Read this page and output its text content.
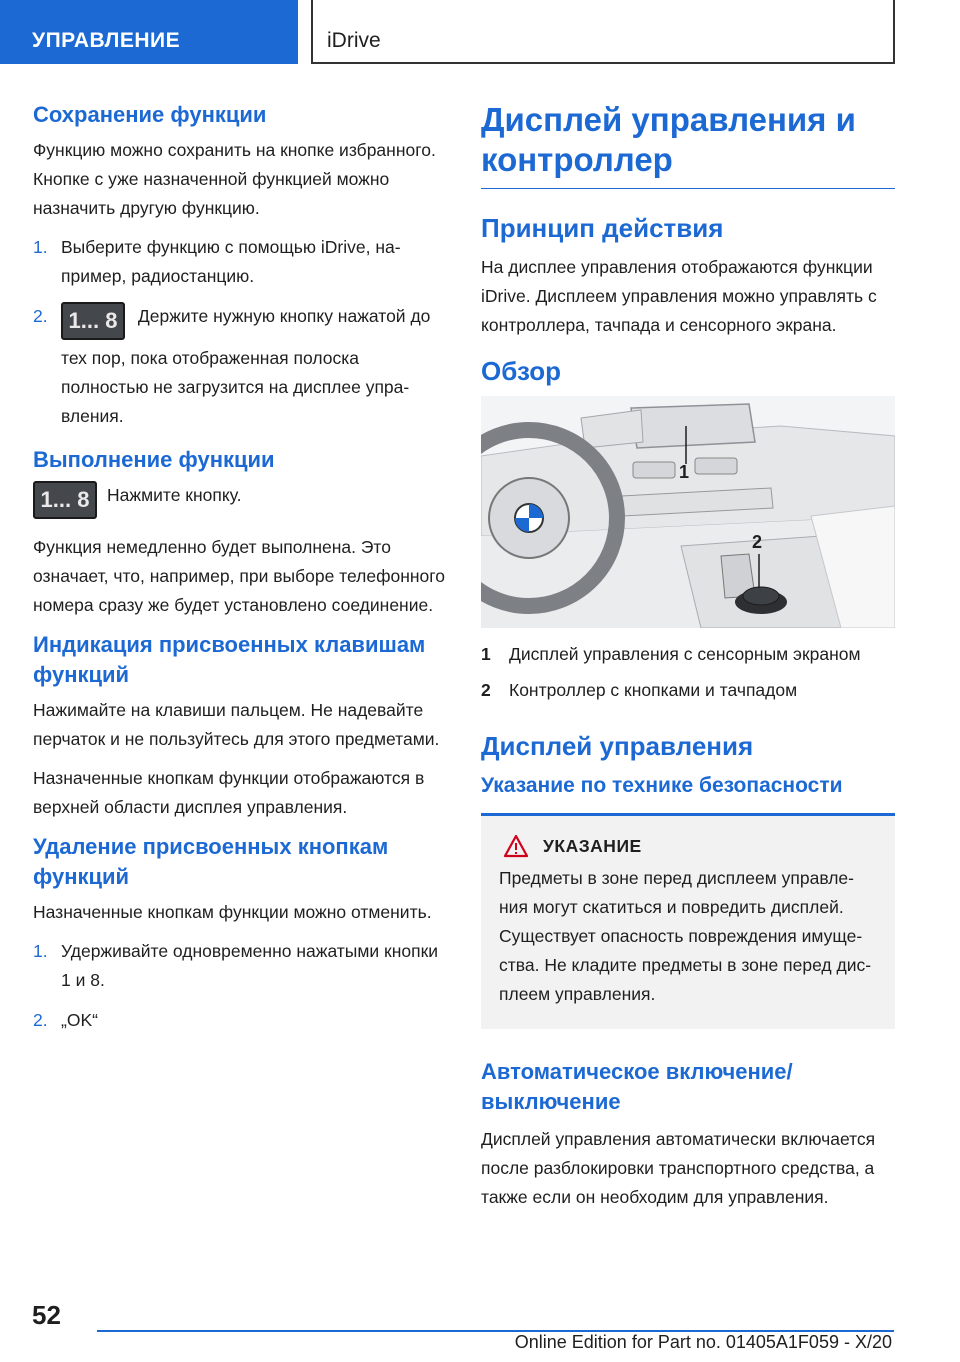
УПРАВЛЕНИЕ	iDrive
Сохранение функции

Функцию можно сохранить на кнопке избранного. Кнопке с уже назначенной функцией можно назначить другую функцию.

1. Выберите функцию с помощью iDrive, например, радиостанцию.
2. 1... 8 Держите нужную кнопку нажатой до тех пор, пока отображенная полоска полностью не загрузится на дисплее управления.
Выполнение функции
1... 8	Нажмите кнопку.

Функция немедленно будет выполнена. Это означает, что, например, при выборе телефонного номера сразу же будет установлено соединение.

Индикация присвоенных клавишам функций

Нажимайте на клавиши пальцем. Не надевайте перчаток и не пользуйтесь для этого предметами.

Назначенные кнопкам функции отображаются в верхней области дисплея управления.

Удаление присвоенных кнопкам функций

Назначенные кнопкам функции можно отменить.

1. Удерживайте одновременно нажатыми кнопки 1 и 8.
2. „OK“
Дисплей управления и контроллер
Принцип действия

На дисплее управления отображаются функции iDrive. Дисплеем управления можно управлять с контроллера, тачпада и сенсорного экрана.

Обзор
1
2
1 Дисплей управления с сенсорным экраном
2 Контроллер с кнопками и тачпадом
Дисплей управления
Указание по технике безопасности
УКАЗАНИЕ
Предметы в зоне перед дисплеем управления могут скатиться и повредить дисплей. Существует опасность повреждения имущества. Не кладите предметы в зоне перед дисплеем управления.
Автоматическое включение/выключение

Дисплей управления автоматически включается после разблокировки транспортного средства, а также если он необходим для управления.

52
Online Edition for Part no. 01405A1F059 - X/20
